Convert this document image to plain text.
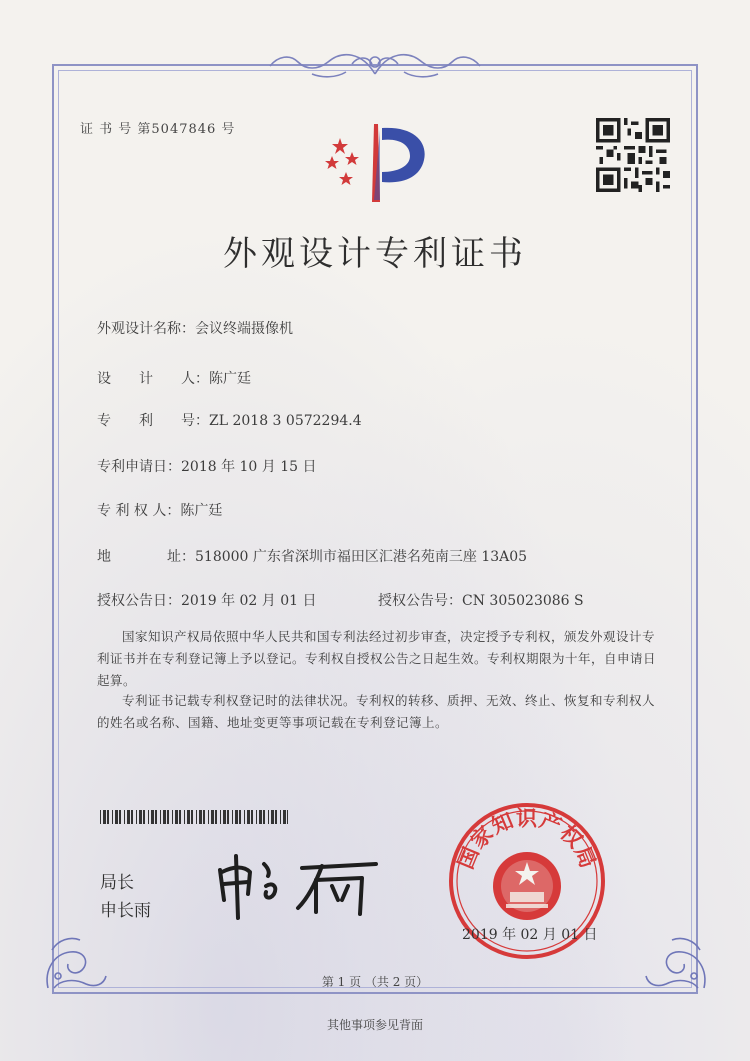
证 书 号 第5047846 号
外观设计专利证书
外观设计名称：会议终端摄像机
设　　计　　人：陈广廷
专　　利　　号：ZL 2018 3 0572294.4
专利申请日：2018 年 10 月 15 日
专 利 权 人：陈广廷
地　　　　址：518000 广东省深圳市福田区汇港名苑南三座 13A05
授权公告日：2019 年 02 月 01 日	授权公告号：CN 305023086 S
国家知识产权局依照中华人民共和国专利法经过初步审查，决定授予专利权，颁发外观设计专利证书并在专利登记簿上予以登记。专利权自授权公告之日起生效。专利权期限为十年，自申请日起算。
专利证书记载专利权登记时的法律状况。专利权的转移、质押、无效、终止、恢复和专利权人的姓名或名称、国籍、地址变更等事项记载在专利登记簿上。
局长
申长雨
国家知识产权局
2019 年 02 月 01 日
第 1 页 （共 2 页）
其他事项参见背面
